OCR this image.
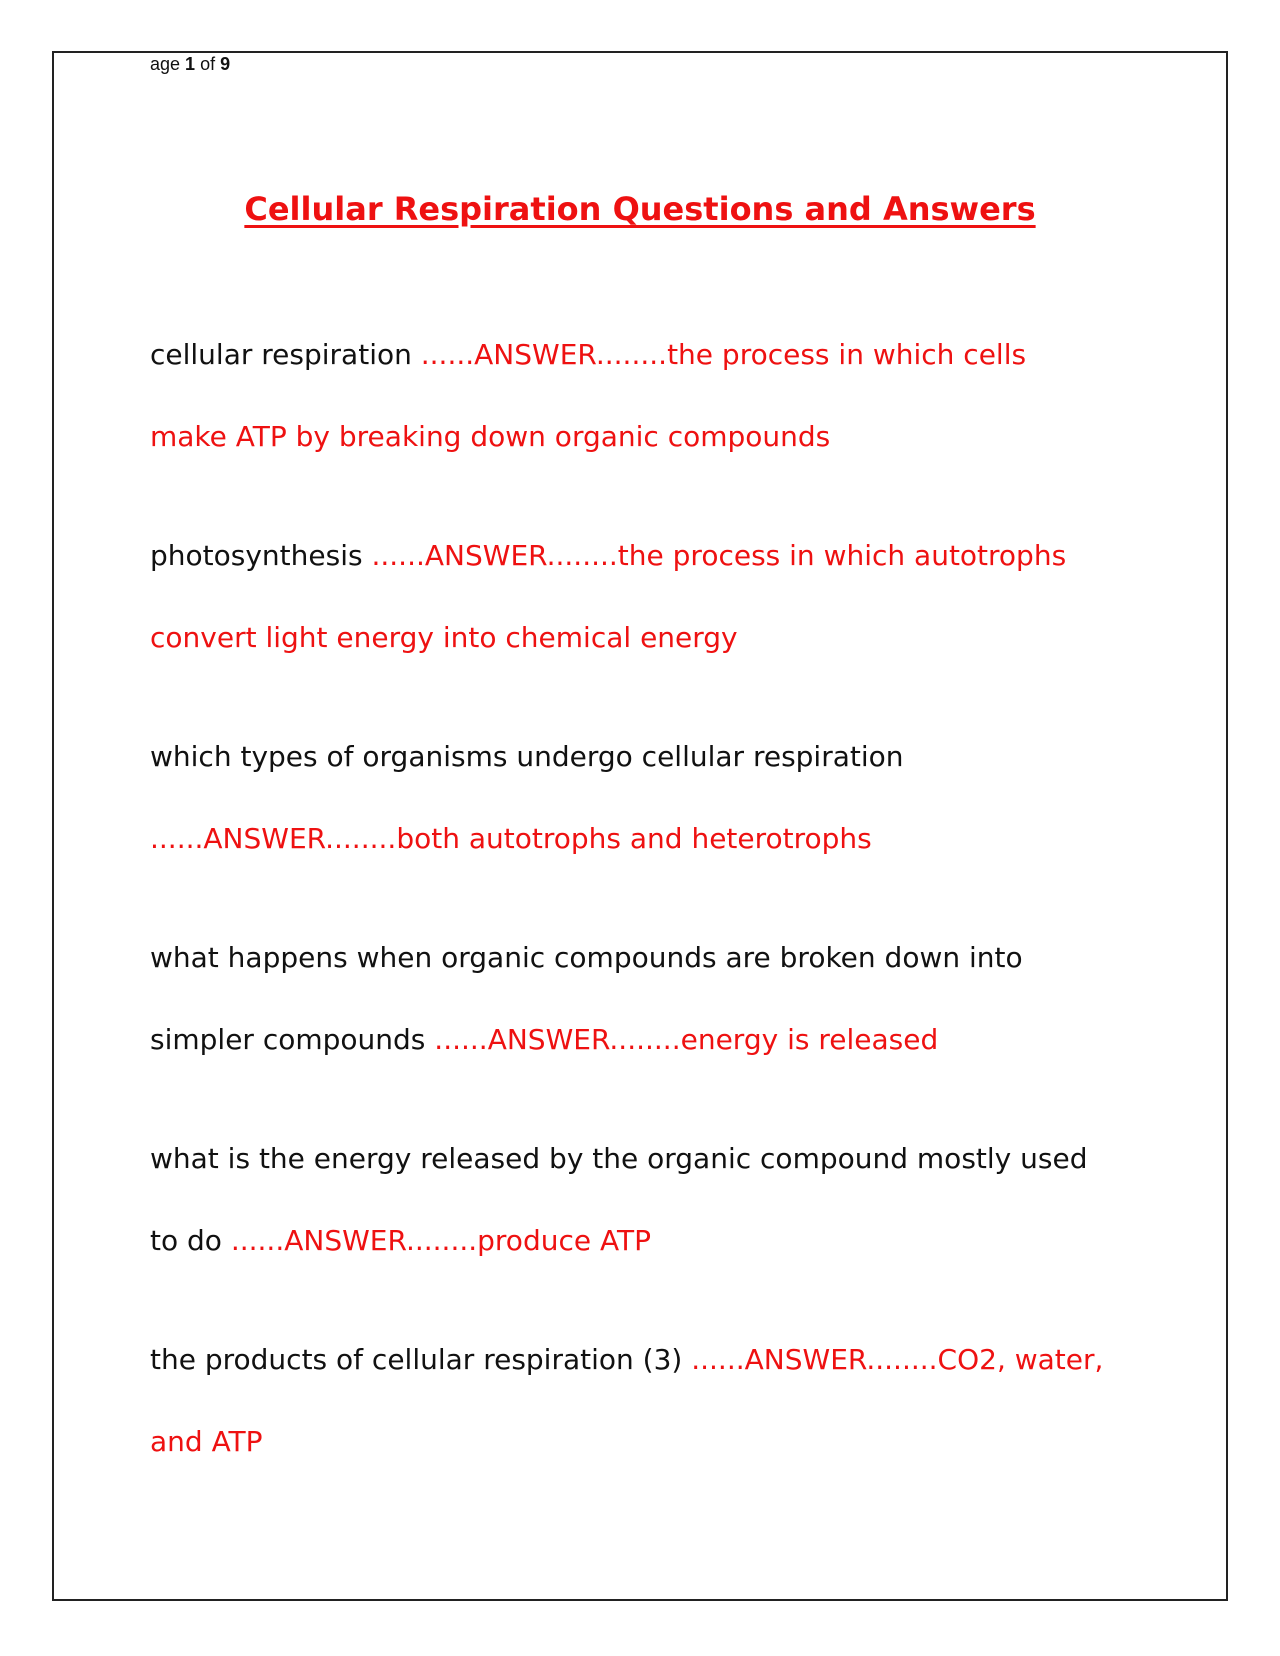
age 1 of 9
Cellular Respiration Questions and Answers
cellular respiration ......ANSWER........the process in which cells make ATP by breaking down organic compounds
photosynthesis ......ANSWER........the process in which autotrophs convert light energy into chemical energy
which types of organisms undergo cellular respiration ......ANSWER........both autotrophs and heterotrophs
what happens when organic compounds are broken down into simpler compounds ......ANSWER........energy is released
what is the energy released by the organic compound mostly used to do ......ANSWER........produce ATP
the products of cellular respiration (3) ......ANSWER........CO2, water, and ATP
